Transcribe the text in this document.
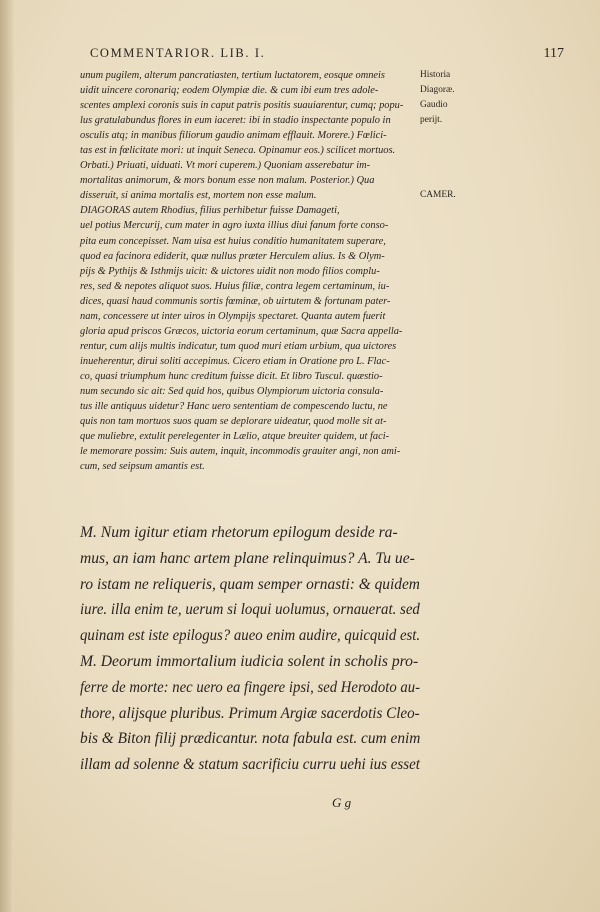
COMMENTARIOR. LIB. I.	117
unum pugilem, alterum pancratiasten, tertium luctatorem, eosque omneis
uidit uincere coronariq; eodem Olympiæ die. & cum ibi eum tres adole-
scentes amplexi coronis suis in caput patris positis suauiarentur, cumq; popu-
lus gratulabundus flores in eum iaceret: ibi in stadio inspectante populo in
osculis atq; in manibus filiorum gaudio animam efflauit. Morere.) Fœlici-
tas est in fœlicitate mori: ut inquit Seneca. Opinamur eos.) scilicet mortuos.
Orbati.) Priuati, uiduati. Vt mori cuperem.) Quoniam asserebatur im-
mortalitas animorum, & mors bonum esse non malum. Posterior.) Qua
disseruit, si anima mortalis est, mortem non esse malum.
DIAGORAS autem Rhodius, filius perhibetur fuisse Damageti,
uel potius Mercurij, cum mater in agro iuxta illius diui fanum forte conso-
pita eum concepisset. Nam uisa est huius conditio humanitatem superare,
quod ea facinora ediderit, quæ nullus præter Herculem alius. Is & Olym-
pijs & Pythijs & Isthmijs uicit: & uictores uidit non modo filios complu-
res, sed & nepotes aliquot suos. Huius filiæ, contra legem certaminum, iu-
dices, quasi haud communis sortis fœminæ, ob uirtutem & fortunam pater-
nam, concessere ut inter uiros in Olympijs spectaret. Quanta autem fuerit
gloria apud priscos Græcos, uictoria eorum certaminum, quæ Sacra appella-
rentur, cum alijs multis indicatur, tum quod muri etiam urbium, qua uictores
inueherentur, dirui soliti accepimus. Cicero etiam in Oratione pro L. Flac-
co, quasi triumphum hunc creditum fuisse dicit. Et libro Tuscul. quæstio-
num secundo sic ait: Sed quid hos, quibus Olympiorum uictoria consula-
tus ille antiquus uidetur? Hanc uero sententiam de compescendo luctu, ne
quis non tam mortuos suos quam se deplorare uideatur, quod molle sit at-
que muliebre, extulit perelegenter in Lælio, atque breuiter quidem, ut faci-
le memorare possim: Suis autem, inquit, incommodis grauiter angi, non ami-
cum, sed seipsum amantis est.
Historia
Diagoræ.
Gaudio
perijt.
CAMER.
M. Num igitur etiam rhetorum epilogum deside ra-
mus, an iam hanc artem plane relinquimus? A. Tu ue-
ro istam ne reliqueris, quam semper ornasti: & quidem
iure. illa enim te, uerum si loqui uolumus, ornauerat. sed
quinam est iste epilogus? aueo enim audire, quicquid est.
M. Deorum immortalium iudicia solent in scholis pro-
ferre de morte: nec uero ea fingere ipsi, sed Herodoto au-
thore, alijsque pluribus. Primum Argiæ sacerdotis Cleo-
bis & Biton filij prædicantur. nota fabula est. cum enim
illam ad solenne & statum sacrificiu curru uehi ius esset
G g
